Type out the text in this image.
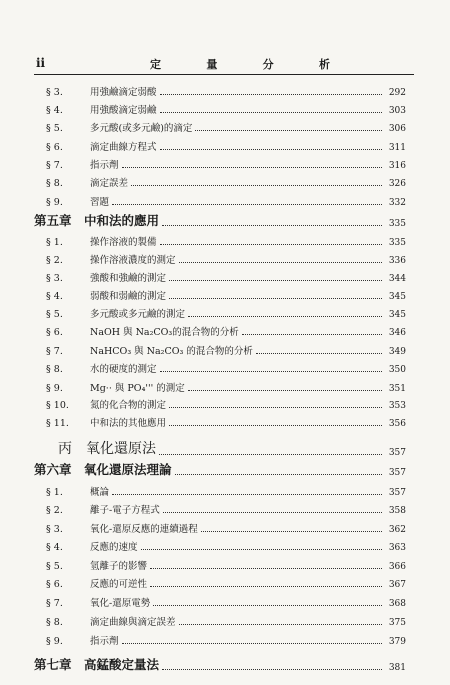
ii	定	量	分	析
§ 3.	用強鹼滴定弱酸	292
§ 4.	用強酸滴定弱鹼	303
§ 5.	多元酸(或多元鹼)的滴定	306
§ 6.	滴定曲線方程式	311
§ 7.	指示劑	316
§ 8.	滴定誤差	326
§ 9.	習題	332
第五章　中和法的應用	335
§ 1.	操作溶液的製備	335
§ 2.	操作溶液濃度的測定	336
§ 3.	強酸和強鹼的測定	344
§ 4.	弱酸和弱鹼的測定	345
§ 5.	多元酸或多元鹼的測定	345
§ 6.	NaOH 與 Na₂CO₃的混合物的分析	346
§ 7.	NaHCO₃ 與 Na₂CO₃ 的混合物的分析	349
§ 8.	水的硬度的測定	350
§ 9.	Mg·· 與 PO₄''' 的測定	351
§ 10.	氮的化合物的測定	353
§ 11.	中和法的其他應用	356
丙　氧化還原法	357
第六章　氧化還原法理論	357
§ 1.	概論	357
§ 2.	離子-電子方程式	358
§ 3.	氧化-還原反應的連續過程	362
§ 4.	反應的速度	363
§ 5.	氫離子的影響	366
§ 6.	反應的可逆性	367
§ 7.	氧化-還原電勢	368
§ 8.	滴定曲線與滴定誤差	375
§ 9.	指示劑	379
第七章　高錳酸定量法	381
